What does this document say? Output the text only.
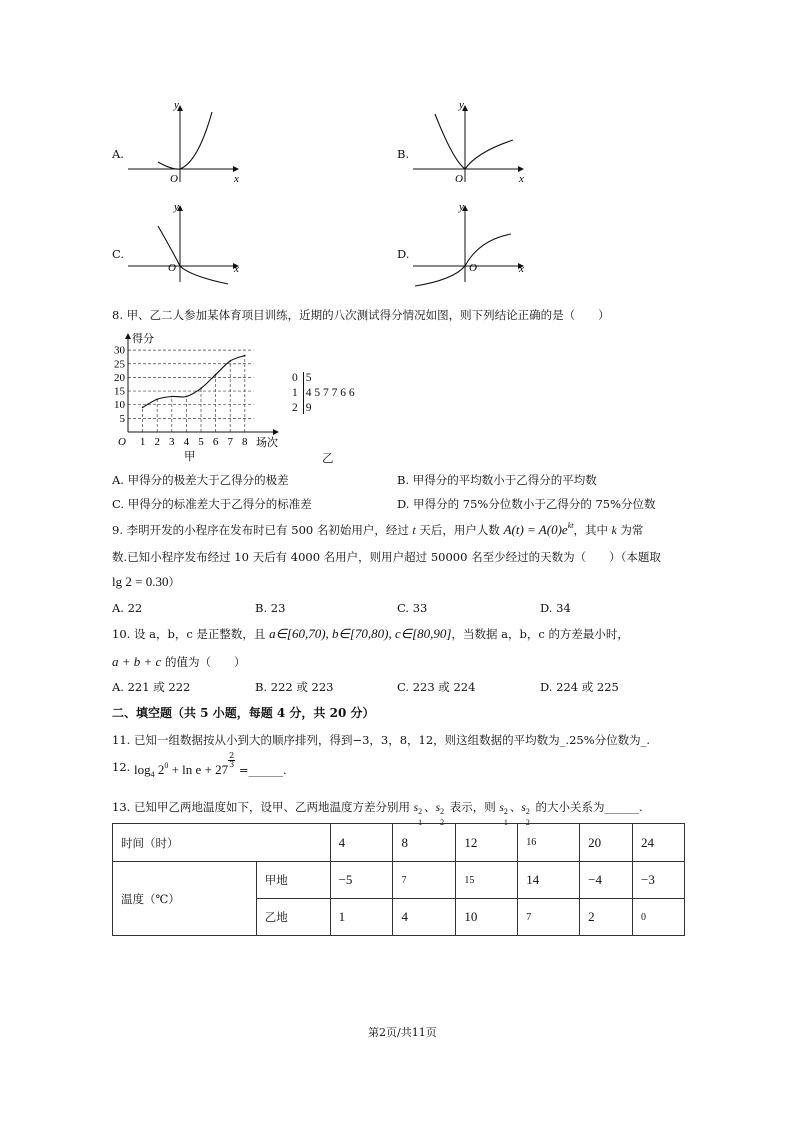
A.	B.
C.	D.
y
x
O
y
x
O
y
x
O
y
x
O
8. 甲、乙二人参加某体育项目训练，近期的八次测试得分情况如图，则下列结论正确的是（　　）
5
10
15
20
25
30
1 2 3 4 5 6 7 8
得分
场次
O
甲
0 5
1 4 5 7 7 6 6
2 9
乙
A. 甲得分的极差大于乙得分的极差	B. 甲得分的平均数小于乙得分的平均数
C. 甲得分的标准差大于乙得分的标准差	D. 甲得分的 75%分位数小于乙得分的 75%分位数
9. 李明开发的小程序在发布时已有 500 名初始用户，经过 t 天后，用户人数 $A(t) = A(0)e^{kt}$，其中 k 为常
数.已知小程序发布经过 10 天后有 4000 名用户，则用户超过 50000 名至少经过的天数为（　　）（本题取
lg 2 = 0.30）
A. 22	B. 23	C. 33	D. 34
10. 设 a，b，c 是正整数，且 a∈[60,70), b∈[70,80), c∈[80,90]，当数据 a，b，c 的方差最小时，
a + b + c 的值为（　　）
A. 221 或 222	B. 222 或 223	C. 223 或 224	D. 224 或 225
二、填空题（共 5 小题，每题 4 分，共 20 分）
11. 已知一组数据按从小到大的顺序排列，得到−3，3，8，12，则这组数据的平均数为_.25%分位数为_.
12. $\log_4 2^0 + \ln e + 27$
$\frac{2}{3}$
=______.
13. 已知甲乙两地温度如下，设甲、乙两地温度方差分别用 s 2
1
、s 2
2
表示，则 s 2
1
、s 2
2
的大小关系为______.
时间（时）		4	8	12	16	20	24
温度（℃）	甲地	−5	7	15	14	−4	−3
	乙地	1	4	10	7	2	0
第2页/共11页
